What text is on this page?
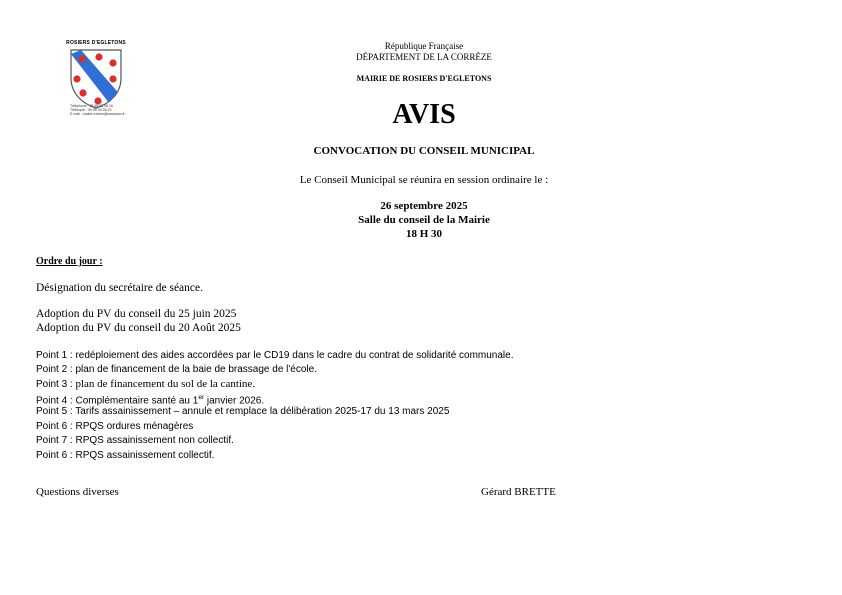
ROSIERS D'EGLETONS
Téléphone : 05 55 93 08 16
Télécopie : 05 55 93 28 20
E-mail : mairie.rosiers@wanadoo.fr
République Française
DÉPARTEMENT DE LA CORRÈZE
MAIRIE DE ROSIERS D'EGLETONS
AVIS
CONVOCATION DU CONSEIL MUNICIPAL
Le Conseil Municipal se réunira en session ordinaire le :
26 septembre 2025
Salle du conseil de la Mairie
18 H 30
Ordre du jour :
Désignation du secrétaire de séance.
Adoption du PV du conseil du 25 juin 2025
Adoption du PV du conseil du 20 Août 2025
Point 1 : redéploiement des aides accordées par le CD19 dans le cadre du contrat de solidarité communale.
Point 2 : plan de financement de la baie de brassage de l'école.
Point 3 : plan de financement du sol de la cantine.
Point 4 : Complémentaire santé au 1er janvier 2026.
Point 5 : Tarifs assainissement – annule et remplace la délibération 2025-17 du 13 mars 2025
Point 6 : RPQS ordures ménagères
Point 7 : RPQS assainissement non collectif.
Point 6 : RPQS assainissement collectif.
Questions diverses	Gérard BRETTE
